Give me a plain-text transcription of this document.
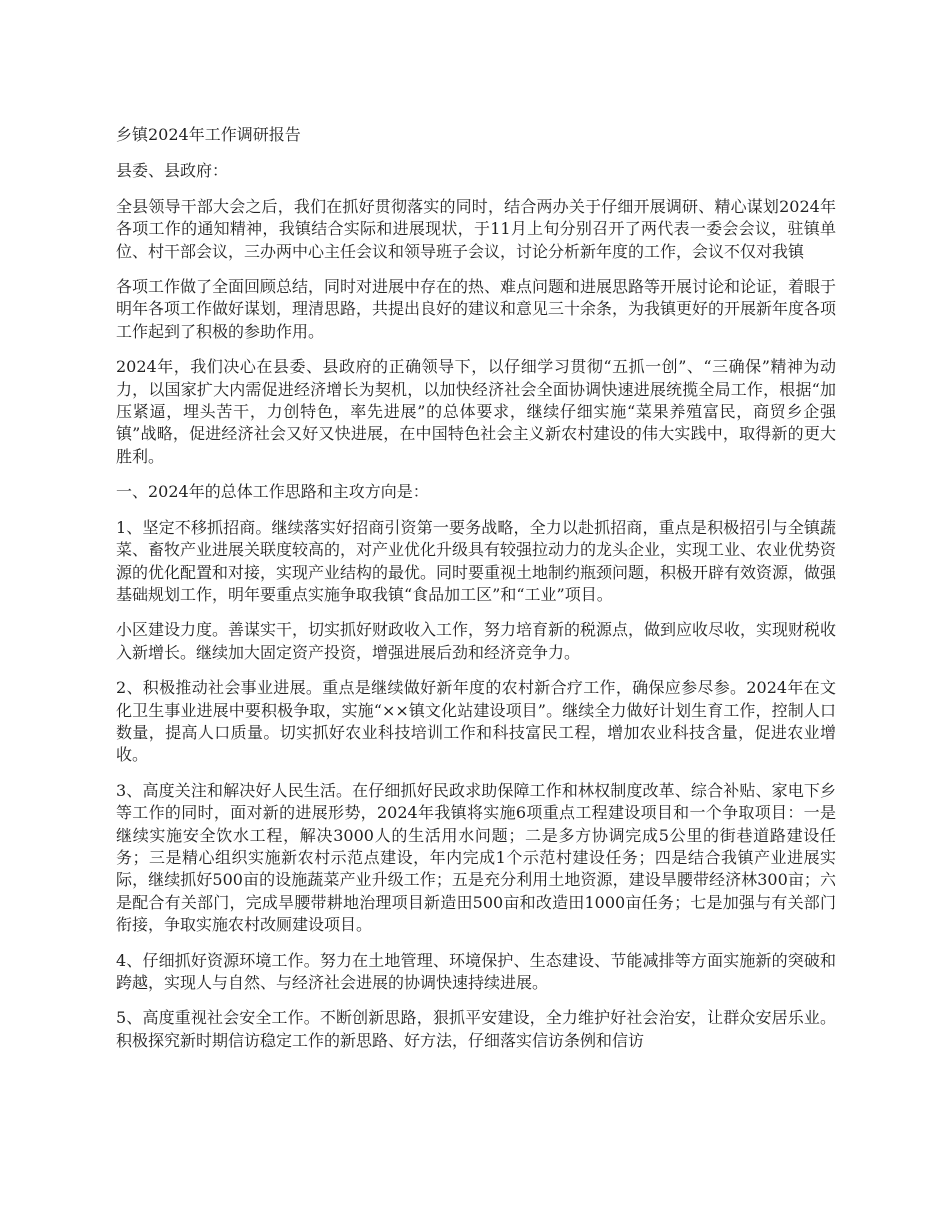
乡镇2024年工作调研报告

县委、县政府：

全县领导干部大会之后，我们在抓好贯彻落实的同时，结合两办关于仔细开展调研、精心谋划2024年各项工作的通知精神，我镇结合实际和进展现状，于11月上旬分别召开了两代表一委会会议，驻镇单位、村干部会议，三办两中心主任会议和领导班子会议，讨论分析新年度的工作，会议不仅对我镇

各项工作做了全面回顾总结，同时对进展中存在的热、难点问题和进展思路等开展讨论和论证，着眼于明年各项工作做好谋划，理清思路，共提出良好的建议和意见三十余条，为我镇更好的开展新年度各项工作起到了积极的参助作用。

2024年，我们决心在县委、县政府的正确领导下，以仔细学习贯彻“五抓一创”、“三确保”精神为动力，以国家扩大内需促进经济增长为契机，以加快经济社会全面协调快速进展统揽全局工作，根据“加压紧逼，埋头苦干，力创特色，率先进展”的总体要求，继续仔细实施“菜果养殖富民，商贸乡企强镇”战略，促进经济社会又好又快进展，在中国特色社会主义新农村建设的伟大实践中，取得新的更大胜利。

一、2024年的总体工作思路和主攻方向是：

1、坚定不移抓招商。继续落实好招商引资第一要务战略，全力以赴抓招商，重点是积极招引与全镇蔬菜、畜牧产业进展关联度较高的，对产业优化升级具有较强拉动力的龙头企业，实现工业、农业优势资源的优化配置和对接，实现产业结构的最优。同时要重视土地制约瓶颈问题，积极开辟有效资源，做强基础规划工作，明年要重点实施争取我镇“食品加工区”和“工业”项目。

小区建设力度。善谋实干，切实抓好财政收入工作，努力培育新的税源点，做到应收尽收，实现财税收入新增长。继续加大固定资产投资，增强进展后劲和经济竞争力。

2、积极推动社会事业进展。重点是继续做好新年度的农村新合疗工作，确保应参尽参。2024年在文化卫生事业进展中要积极争取，实施“××镇文化站建设项目”。继续全力做好计划生育工作，控制人口数量，提高人口质量。切实抓好农业科技培训工作和科技富民工程，增加农业科技含量，促进农业增收。

3、高度关注和解决好人民生活。在仔细抓好民政求助保障工作和林权制度改革、综合补贴、家电下乡等工作的同时，面对新的进展形势，2024年我镇将实施6项重点工程建设项目和一个争取项目：一是继续实施安全饮水工程，解决3000人的生活用水问题；二是多方协调完成5公里的街巷道路建设任务；三是精心组织实施新农村示范点建设，年内完成1个示范村建设任务；四是结合我镇产业进展实际，继续抓好500亩的设施蔬菜产业升级工作；五是充分利用土地资源，建设旱腰带经济林300亩；六是配合有关部门，完成旱腰带耕地治理项目新造田500亩和改造田1000亩任务；七是加强与有关部门衔接，争取实施农村改厕建设项目。

4、仔细抓好资源环境工作。努力在土地管理、环境保护、生态建设、节能减排等方面实施新的突破和跨越，实现人与自然、与经济社会进展的协调快速持续进展。

5、高度重视社会安全工作。不断创新思路，狠抓平安建设，全力维护好社会治安，让群众安居乐业。积极探究新时期信访稳定工作的新思路、好方法，仔细落实信访条例和信访
